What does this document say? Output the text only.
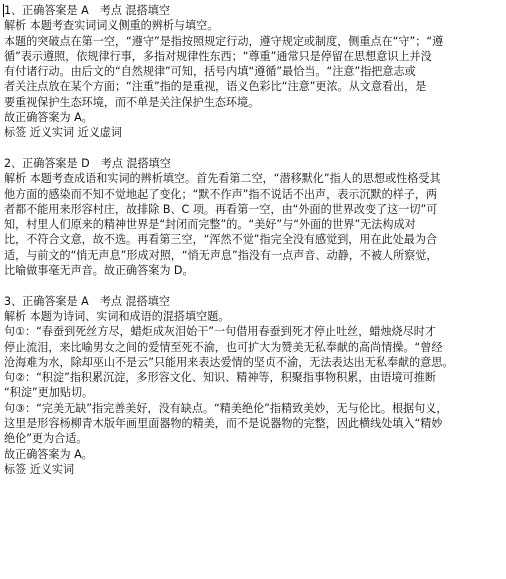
1、正确答案是 A　考点 混搭填空
解析 本题考查实词词义侧重的辨析与填空。
本题的突破点在第一空，“遵守”是指按照规定行动，遵守规定或制度，侧重点在“守”；“遵
循”表示遵照，依规律行事，多指对规律性东西；“尊重”通常只是停留在思想意识上并没
有付诸行动。由后文的“自然规律”可知，括号内填“遵循”最恰当。“注意”指把意志或
者关注点放在某个方面；“注重”指的是重视，语义色彩比“注意”更浓。从文意看出，是
要重视保护生态环境，而不单是关注保护生态环境。
故正确答案为 A。
标签 近义实词 近义虚词
2、正确答案是 D　考点 混搭填空
解析 本题考查成语和实词的辨析填空。首先看第二空，“潜移默化”指人的思想或性格受其
他方面的感染而不知不觉地起了变化；“默不作声”指不说话不出声，表示沉默的样子，两
者都不能用来形容村庄，故排除 B、C 项。再看第一空，由“外面的世界改变了这一切”可
知，村里人们原来的精神世界是“封闭而完整”的。“美好”与“外面的世界”无法构成对
比，不符合文意，故不选。再看第三空，“浑然不觉”指完全没有感觉到，用在此处最为合
适，与前文的“悄无声息”形成对照，“悄无声息”指没有一点声音、动静，不被人所察觉，
比喻做事毫无声音。故正确答案为 D。
3、正确答案是 A　考点 混搭填空
解析 本题为诗词、实词和成语的混搭填空题。
句①：“春蚕到死丝方尽，蜡炬成灰泪始干”一句借用春蚕到死才停止吐丝，蜡烛烧尽时才
停止流泪，来比喻男女之间的爱情至死不渝，也可扩大为赞美无私奉献的高尚情操。“曾经
沧海难为水，除却巫山不是云”只能用来表达爱情的坚贞不渝，无法表达出无私奉献的意思。
句②：“积淀”指积累沉淀，多形容文化、知识、精神等，积聚指事物积累，由语境可推断
“积淀”更加贴切。
句③：“完美无缺”指完善美好，没有缺点。“精美绝伦”指精致美妙，无与伦比。根据句义，
这里是形容杨柳青木版年画里面器物的精美，而不是说器物的完整，因此横线处填入“精妙
绝伦”更为合适。
故正确答案为 A。
标签 近义实词
